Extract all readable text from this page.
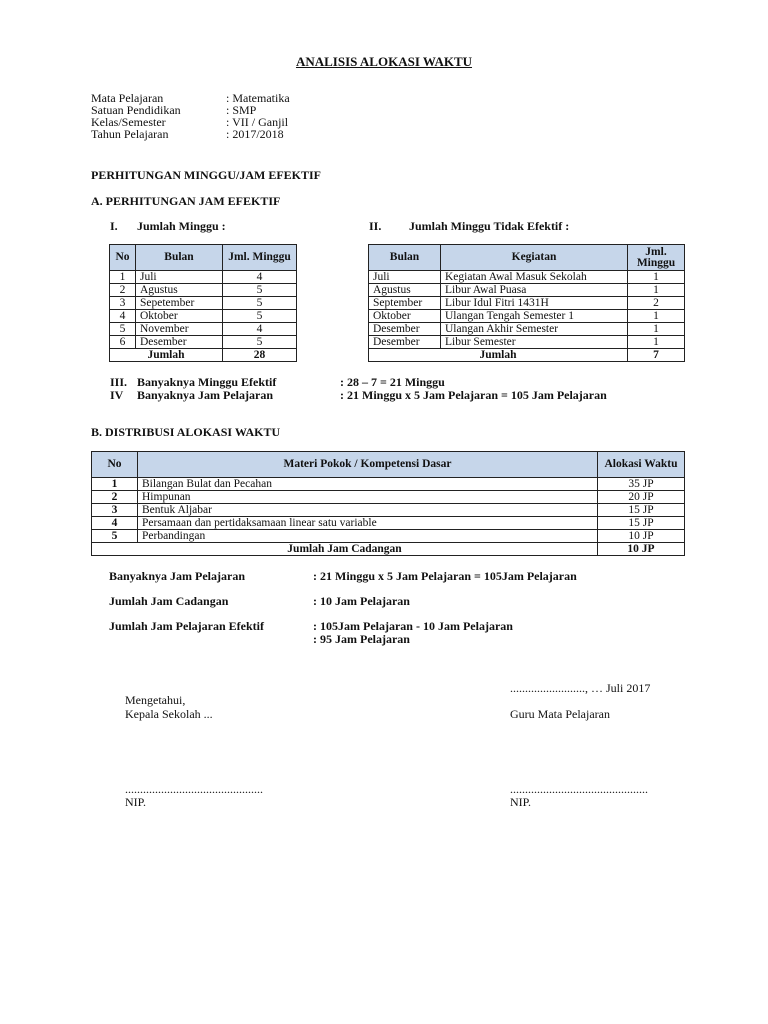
ANALISIS ALOKASI WAKTU
Mata Pelajaran	: Matematika
Satuan Pendidikan	: SMP
Kelas/Semester	: VII / Ganjil
Tahun Pelajaran	: 2017/2018
PERHITUNGAN MINGGU/JAM EFEKTIF
A. PERHITUNGAN JAM EFEKTIF
I. Jumlah Minggu :	II. Jumlah Minggu Tidak Efektif :
No	Bulan	Jml. Minggu
1	Juli	4
2	Agustus	5
3	Sepetember	5
4	Oktober	5
5	November	4
6	Desember	5
Jumlah		28
Bulan	Kegiatan	Jml. Minggu
Juli	Kegiatan Awal Masuk Sekolah	1
Agustus	Libur Awal Puasa	1
September	Libur Idul Fitri 1431H	2
Oktober	Ulangan Tengah Semester 1	1
Desember	Ulangan Akhir Semester	1
Desember	Libur Semester	1
Jumlah		7
III. Banyaknya Minggu Efektif	: 28 – 7 = 21 Minggu
IV Banyaknya Jam Pelajaran	: 21 Minggu x 5 Jam Pelajaran = 105 Jam Pelajaran
B. DISTRIBUSI ALOKASI WAKTU
No	Materi Pokok / Kompetensi Dasar	Alokasi Waktu
1	Bilangan Bulat dan Pecahan	35 JP
2	Himpunan	20 JP
3	Bentuk Aljabar	15 JP
4	Persamaan dan pertidaksamaan linear satu variable	15 JP
5	Perbandingan	10 JP
Jumlah Jam Cadangan		10 JP
Banyaknya Jam Pelajaran	: 21 Minggu x 5 Jam Pelajaran = 105Jam Pelajaran
Jumlah Jam Cadangan	: 10 Jam Pelajaran
Jumlah Jam Pelajaran Efektif	: 105Jam Pelajaran - 10 Jam Pelajaran
: 95 Jam Pelajaran
........................., … Juli 2017
Mengetahui,
Kepala Sekolah ...	Guru Mata Pelajaran
..............................................
NIP.
..............................................
NIP.
